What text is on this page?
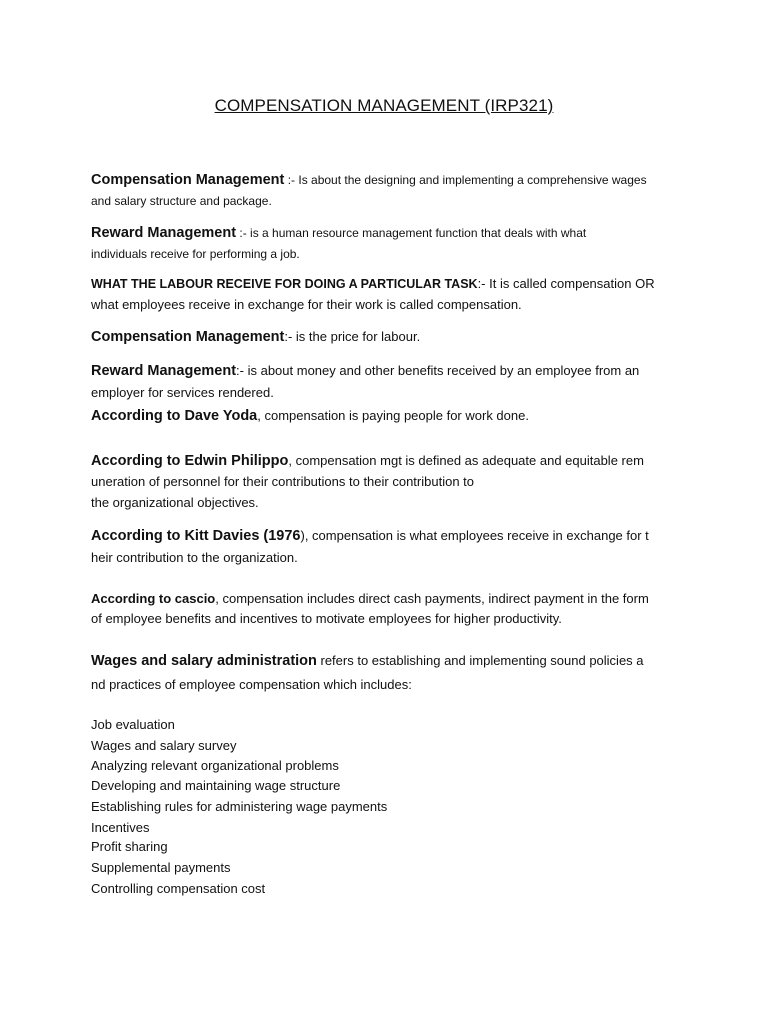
COMPENSATION MANAGEMENT (IRP321)
Compensation Management :- Is about the designing and implementing a comprehensive wages
and salary structure and package.
Reward Management :- is a human resource management function that deals with what
individuals receive for performing a job.
WHAT THE LABOUR RECEIVE FOR DOING A PARTICULAR TASK:- It is called compensation OR
what employees receive in exchange for their work is called compensation.
Compensation Management:- is the price for labour.
Reward Management:- is about money and other benefits received by an employee from an
employer for services rendered.
According to Dave Yoda, compensation is paying people for work done.
According to Edwin Philippo, compensation mgt is defined as adequate and equitable rem
uneration of personnel for their contributions to their contribution to
the organizational objectives.
According to Kitt Davies (1976), compensation is what employees receive in exchange for t
heir contribution to the organization.
According to cascio, compensation includes direct cash payments, indirect payment in the form
of employee benefits and incentives to motivate employees for higher productivity.
Wages and salary administration refers to establishing and implementing sound policies a
nd practices of employee compensation which includes:
Job evaluation
Wages and salary survey
Analyzing relevant organizational problems
Developing and maintaining wage structure
Establishing rules for administering wage payments
Incentives
Profit sharing
Supplemental payments
Controlling compensation cost
